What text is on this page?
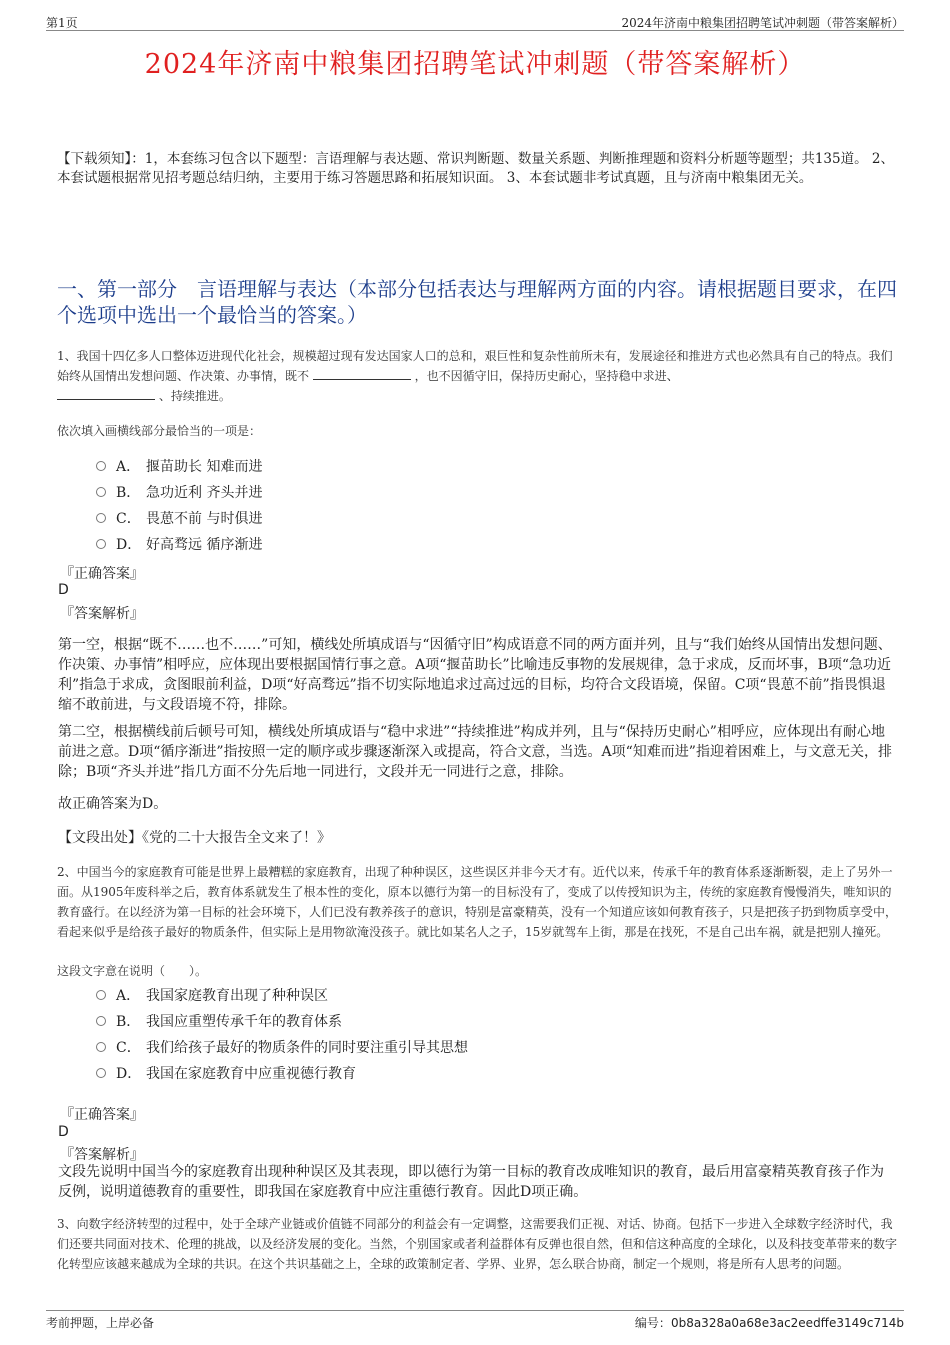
第1页	2024年济南中粮集团招聘笔试冲刺题（带答案解析）
2024年济南中粮集团招聘笔试冲刺题（带答案解析）
【下载须知】：1，本套练习包含以下题型：言语理解与表达题、常识判断题、数量关系题、判断推理题和资料分析题等题型；共135道。 2、本套试题根据常见招考题总结归纳，主要用于练习答题思路和拓展知识面。 3、本套试题非考试真题，且与济南中粮集团无关。
一、第一部分　言语理解与表达（本部分包括表达与理解两方面的内容。请根据题目要求，在四个选项中选出一个最恰当的答案。）
1、我国十四亿多人口整体迈进现代化社会，规模超过现有发达国家人口的总和，艰巨性和复杂性前所未有，发展途径和推进方式也必然具有自己的特点。我们始终从国情出发想问题、作决策、办事情，既不	，也不因循守旧，保持历史耐心，坚持稳中求进、
、持续推进。
依次填入画横线部分最恰当的一项是：
A． 揠苗助长 知难而进
B． 急功近利 齐头并进
C． 畏葸不前 与时俱进
D． 好高骛远 循序渐进
『正确答案』
D
『答案解析』
第一空，根据“既不……也不……”可知，横线处所填成语与“因循守旧”构成语意不同的两方面并列，且与“我们始终从国情出发想问题、作决策、办事情”相呼应，应体现出要根据国情行事之意。A项“揠苗助长”比喻违反事物的发展规律，急于求成，反而坏事，B项“急功近利”指急于求成，贪图眼前利益，D项“好高骛远”指不切实际地追求过高过远的目标，均符合文段语境，保留。C项“畏葸不前”指畏惧退缩不敢前进，与文段语境不符，排除。
第二空，根据横线前后顿号可知，横线处所填成语与“稳中求进”“持续推进”构成并列，且与“保持历史耐心”相呼应，应体现出有耐心地前进之意。D项“循序渐进”指按照一定的顺序或步骤逐渐深入或提高，符合文意，当选。A项“知难而进”指迎着困难上，与文意无关，排除；B项“齐头并进”指几方面不分先后地一同进行，文段并无一同进行之意，排除。
故正确答案为D。
【文段出处】《党的二十大报告全文来了！》
2、中国当今的家庭教育可能是世界上最糟糕的家庭教育，出现了种种误区，这些误区并非今天才有。近代以来，传承千年的教育体系逐渐断裂，走上了另外一面。从1905年废科举之后，教育体系就发生了根本性的变化，原本以德行为第一的目标没有了，变成了以传授知识为主，传统的家庭教育慢慢消失，唯知识的教育盛行。在以经济为第一目标的社会环境下，人们已没有教养孩子的意识，特别是富豪精英，没有一个知道应该如何教育孩子，只是把孩子扔到物质享受中，看起来似乎是给孩子最好的物质条件，但实际上是用物欲淹没孩子。就比如某名人之子，15岁就驾车上街，那是在找死，不是自己出车祸，就是把别人撞死。
这段文字意在说明（　　）。
A． 我国家庭教育出现了种种误区
B． 我国应重塑传承千年的教育体系
C． 我们给孩子最好的物质条件的同时要注重引导其思想
D． 我国在家庭教育中应重视德行教育
『正确答案』
D
『答案解析』
文段先说明中国当今的家庭教育出现种种误区及其表现，即以德行为第一目标的教育改成唯知识的教育，最后用富豪精英教育孩子作为反例，说明道德教育的重要性，即我国在家庭教育中应注重德行教育。因此D项正确。
3、向数字经济转型的过程中，处于全球产业链或价值链不同部分的利益会有一定调整，这需要我们正视、对话、协商。包括下一步进入全球数字经济时代，我们还要共同面对技术、伦理的挑战，以及经济发展的变化。当然，个别国家或者利益群体有反弹也很自然，但和信这种高度的全球化，以及科技变革带来的数字化转型应该越来越成为全球的共识。在这个共识基础之上，全球的政策制定者、学界、业界，怎么联合协商，制定一个规则，将是所有人思考的问题。
考前押题，上岸必备	编号：0b8a328a0a68e3ac2eedffe3149c714b
